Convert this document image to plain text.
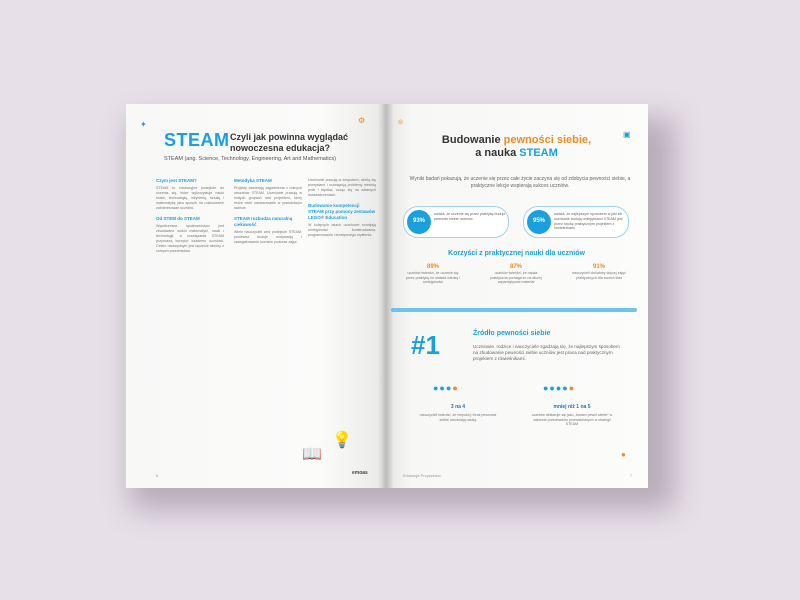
✦	⚙
STEAM Czyli jak powinna wyglądać nowoczesna edukacja?
STEAM (ang. Science, Technology, Engineering, Art and Mathematics)
Czym jest STEAM?
STEAM to edukacyjne podejście do uczenia się, które wykorzystuje nauki ścisłe, technologię, inżynierię, sztukę i matematykę jako sposób na rozbudzanie zainteresowań uczniów.
Od STEM do STEAM
Współczesne społeczeństwo jest zbudowane wokół matematyki, nauki i technologii, a rozwiązania STEAM przynoszą korzyści każdemu uczniowi. Celem nadrzędnym jest łączenie wiedzy z różnych przedmiotów.
Metodyka STEAM
Projekty zawierają zagadnienia z różnych obszarów STEAM. Uczniowie pracują w małych grupach nad projektem, który może mieć zastosowanie w prawdziwym świecie.
STEAM rozbudza naturalną ciekawość
Wiele nauczycieli ceni podejście STEAM, ponieważ buduje motywację i zaangażowanie uczniów podczas zajęć.
Uczniowie pracują w zespołach, dzielą się pomysłami i rozwiązują problemy metodą prób i błędów, ucząc się na własnych doświadczeniach.
Budowanie kompetencji STEAM przy pomocy zestawów LEGO® Education
W kolejnych latach uczniowie rozwijają umiejętności konstruowania, programowania i kreatywnego myślenia.
📖
💡
6	emoas
⚛
▣
Budowanie pewności siebie,
a nauka STEAM
Wyniki badań pokazują, że uczenie się przez całe życie zaczyna się od zdobycia pewności siebie, a praktyczne lekcje wspierają sukces uczniów.
93%
uważa, że uczenie się przez praktykę buduje pewność siebie uczniów	95%
uważa, że najlepszym sposobem w jaki ich uczniowie budują umiejętności STEAM jest przez naukę praktycznym projektem z rówieśnikami.
Korzyści z praktycznej nauki dla uczniów
89%
uczniów twierdzi, że uczenie się przez praktykę im ułatwia wiedzę i umiejętności
87%
uczniów twierdzi, że nauka praktyczna pomaga im na dłużej zapamiętywać materiał
91%
nauczycieli chciałoby więcej zajęć praktycznych dla swoich klas
#1	Źródło pewności siebie
Uczniowie, rodzice i nauczyciele zgadzają się, że najlepszym sposobem na zbudowanie pewności siebie uczniów jest praca nad praktycznym projektem z rówieśnikami.
●●●●	●●●●●
3 na 4
nauczycieli twierdzi, że niepokój i brak pewności siebie utrudniają naukę
mniej niż 1 na 5
uczniów deklaruje się jako „bardzo pewni siebie” w zakresie przedmiotów przewidzianych w strategii STEAM
●
Edukacja Przyszłości	7
